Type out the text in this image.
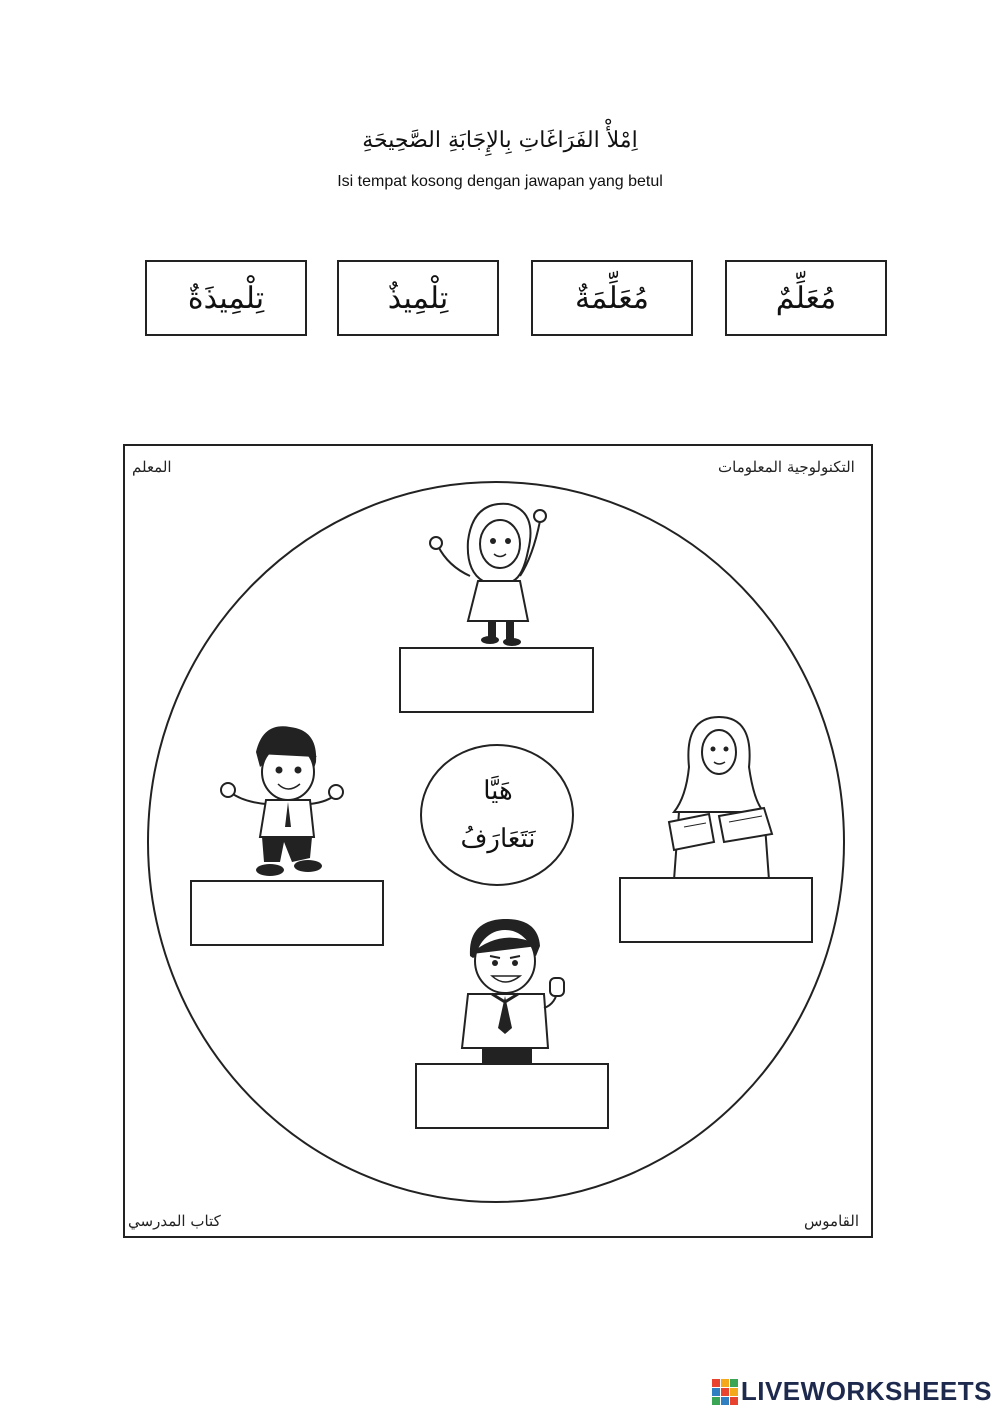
اِمْلأْ الفَرَاغَاتِ بِالإِجَابَةِ الصَّحِيحَةِ
Isi tempat kosong dengan jawapan yang betul
تِلْمِيذَةٌ	تِلْمِيذٌ	مُعَلِّمَةٌ	مُعَلِّمٌ
المعلم	التكنولوجية المعلومات
كتاب المدرسي	القاموس
هَيَّا
نَتَعَارَفُ
LIVEWORKSHEETS
